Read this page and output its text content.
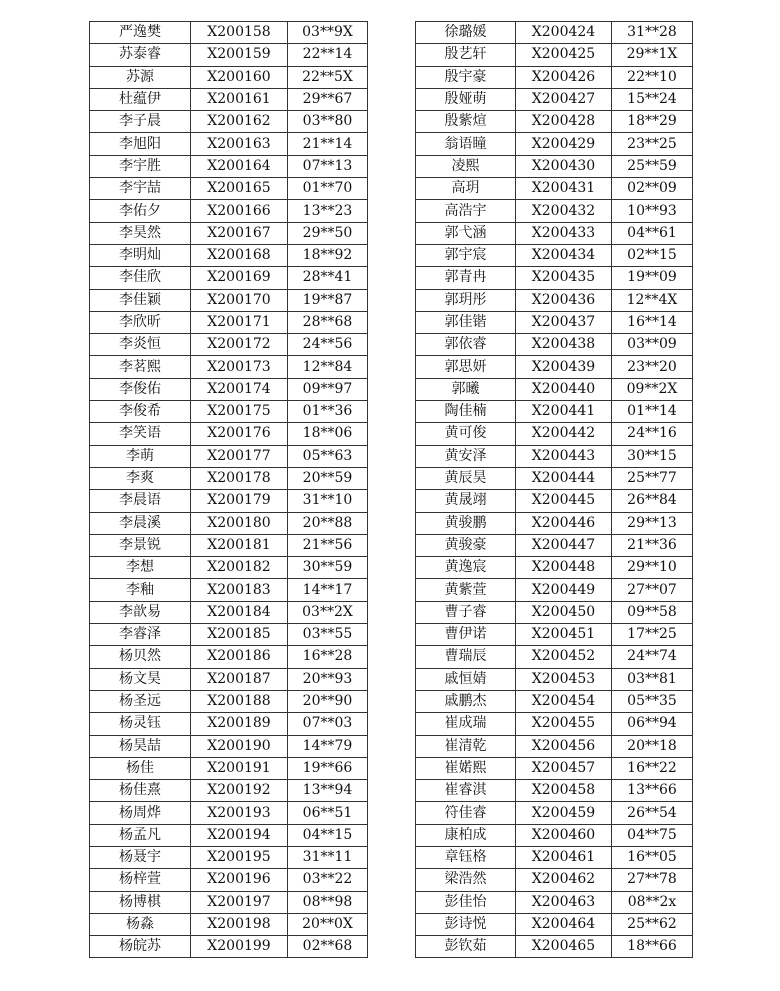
严逸樊	X200158	03**9X
苏泰睿	X200159	22**14
苏源	X200160	22**5X
杜蕴伊	X200161	29**67
李子晨	X200162	03**80
李旭阳	X200163	21**14
李宇胜	X200164	07**13
李宇喆	X200165	01**70
李佑夕	X200166	13**23
李昊然	X200167	29**50
李明灿	X200168	18**92
李佳欣	X200169	28**41
李佳颖	X200170	19**87
李欣昕	X200171	28**68
李炎恒	X200172	24**56
李茗熙	X200173	12**84
李俊佑	X200174	09**97
李俊希	X200175	01**36
李笑语	X200176	18**06
李萌	X200177	05**63
李爽	X200178	20**59
李晨语	X200179	31**10
李晨溪	X200180	20**88
李景锐	X200181	21**56
李想	X200182	30**59
李釉	X200183	14**17
李歆易	X200184	03**2X
李睿泽	X200185	03**55
杨贝然	X200186	16**28
杨文昊	X200187	20**93
杨圣远	X200188	20**90
杨灵钰	X200189	07**03
杨昊喆	X200190	14**79
杨佳	X200191	19**66
杨佳熹	X200192	13**94
杨周烨	X200193	06**51
杨孟凡	X200194	04**15
杨聂宇	X200195	31**11
杨梓萱	X200196	03**22
杨博棋	X200197	08**98
杨淼	X200198	20**0X
杨皖苏	X200199	02**68
徐璐媛	X200424	31**28
殷艺轩	X200425	29**1X
殷宇豪	X200426	22**10
殷娅萌	X200427	15**24
殷紫煊	X200428	18**29
翁语瞳	X200429	23**25
凌熙	X200430	25**59
高玥	X200431	02**09
高浩宇	X200432	10**93
郭弋涵	X200433	04**61
郭宇宸	X200434	02**15
郭青冉	X200435	19**09
郭玥彤	X200436	12**4X
郭佳锴	X200437	16**14
郭依睿	X200438	03**09
郭思妍	X200439	23**20
郭曦	X200440	09**2X
陶佳楠	X200441	01**14
黄可俊	X200442	24**16
黄安泽	X200443	30**15
黄辰昊	X200444	25**77
黄晟翊	X200445	26**84
黄骏鹏	X200446	29**13
黄骏豪	X200447	21**36
黄逸宸	X200448	29**10
黄紫萱	X200449	27**07
曹子睿	X200450	09**58
曹伊诺	X200451	17**25
曹瑞辰	X200452	24**74
戚恒婧	X200453	03**81
戚鹏杰	X200454	05**35
崔成瑞	X200455	06**94
崔清乾	X200456	20**18
崔婼熙	X200457	16**22
崔睿淇	X200458	13**66
符佳睿	X200459	26**54
康柏成	X200460	04**75
章钰格	X200461	16**05
梁浩然	X200462	27**78
彭佳怡	X200463	08**2x
彭诗悦	X200464	25**62
彭钦茹	X200465	18**66
